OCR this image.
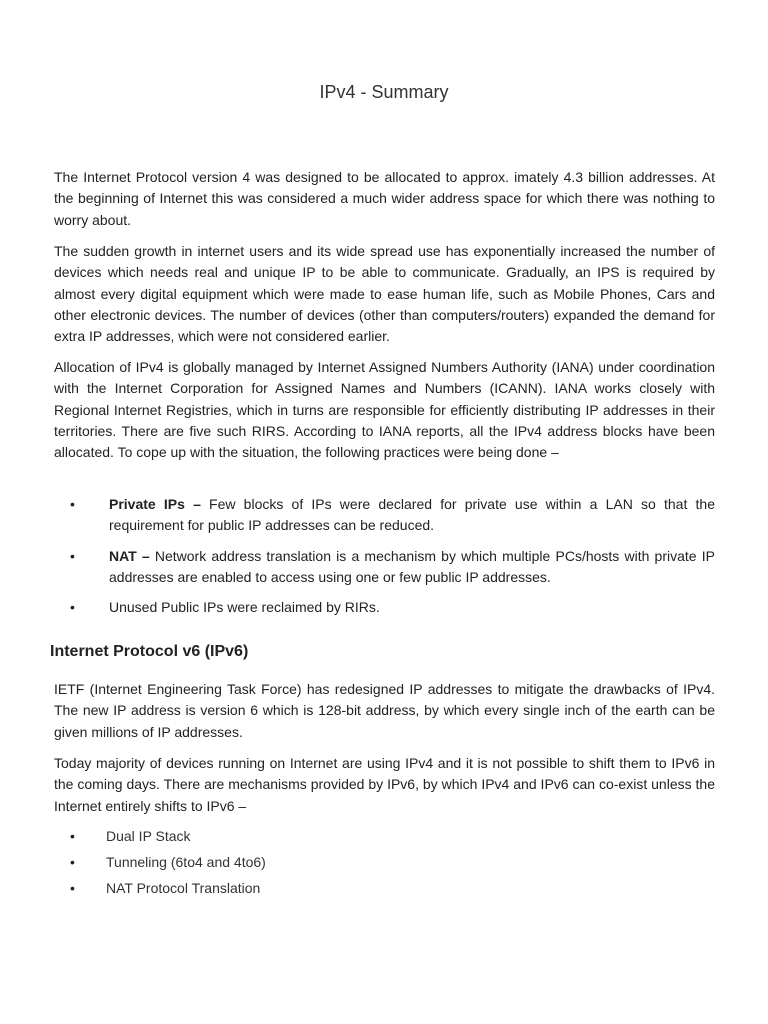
IPv4 - Summary

The Internet Protocol version 4 was designed to be allocated to approx. imately 4.3 billion addresses. At the beginning of Internet this was considered a much wider address space for which there was nothing to worry about.

The sudden growth in internet users and its wide spread use has exponentially increased the number of devices which needs real and unique IP to be able to communicate. Gradually, an IPS is required by almost every digital equipment which were made to ease human life, such as Mobile Phones, Cars and other electronic devices. The number of devices (other than computers/routers) expanded the demand for extra IP addresses, which were not considered earlier.

Allocation of IPv4 is globally managed by Internet Assigned Numbers Authority (IANA) under coordination with the Internet Corporation for Assigned Names and Numbers (ICANN). IANA works closely with Regional Internet Registries, which in turns are responsible for efficiently distributing IP addresses in their territories. There are five such RIRS. According to IANA reports, all the IPv4 address blocks have been allocated. To cope up with the situation, the following practices were being done –

• Private IPs – Few blocks of IPs were declared for private use within a LAN so that the requirement for public IP addresses can be reduced.
• NAT – Network address translation is a mechanism by which multiple PCs/hosts with private IP addresses are enabled to access using one or few public IP addresses.
• Unused Public IPs were reclaimed by RIRs.
Internet Protocol v6 (IPv6)

IETF (Internet Engineering Task Force) has redesigned IP addresses to mitigate the drawbacks of IPv4. The new IP address is version 6 which is 128-bit address, by which every single inch of the earth can be given millions of IP addresses.

Today majority of devices running on Internet are using IPv4 and it is not possible to shift them to IPv6 in the coming days. There are mechanisms provided by IPv6, by which IPv4 and IPv6 can co-exist unless the Internet entirely shifts to IPv6 –

• Dual IP Stack
• Tunneling (6to4 and 4to6)
• NAT Protocol Translation
